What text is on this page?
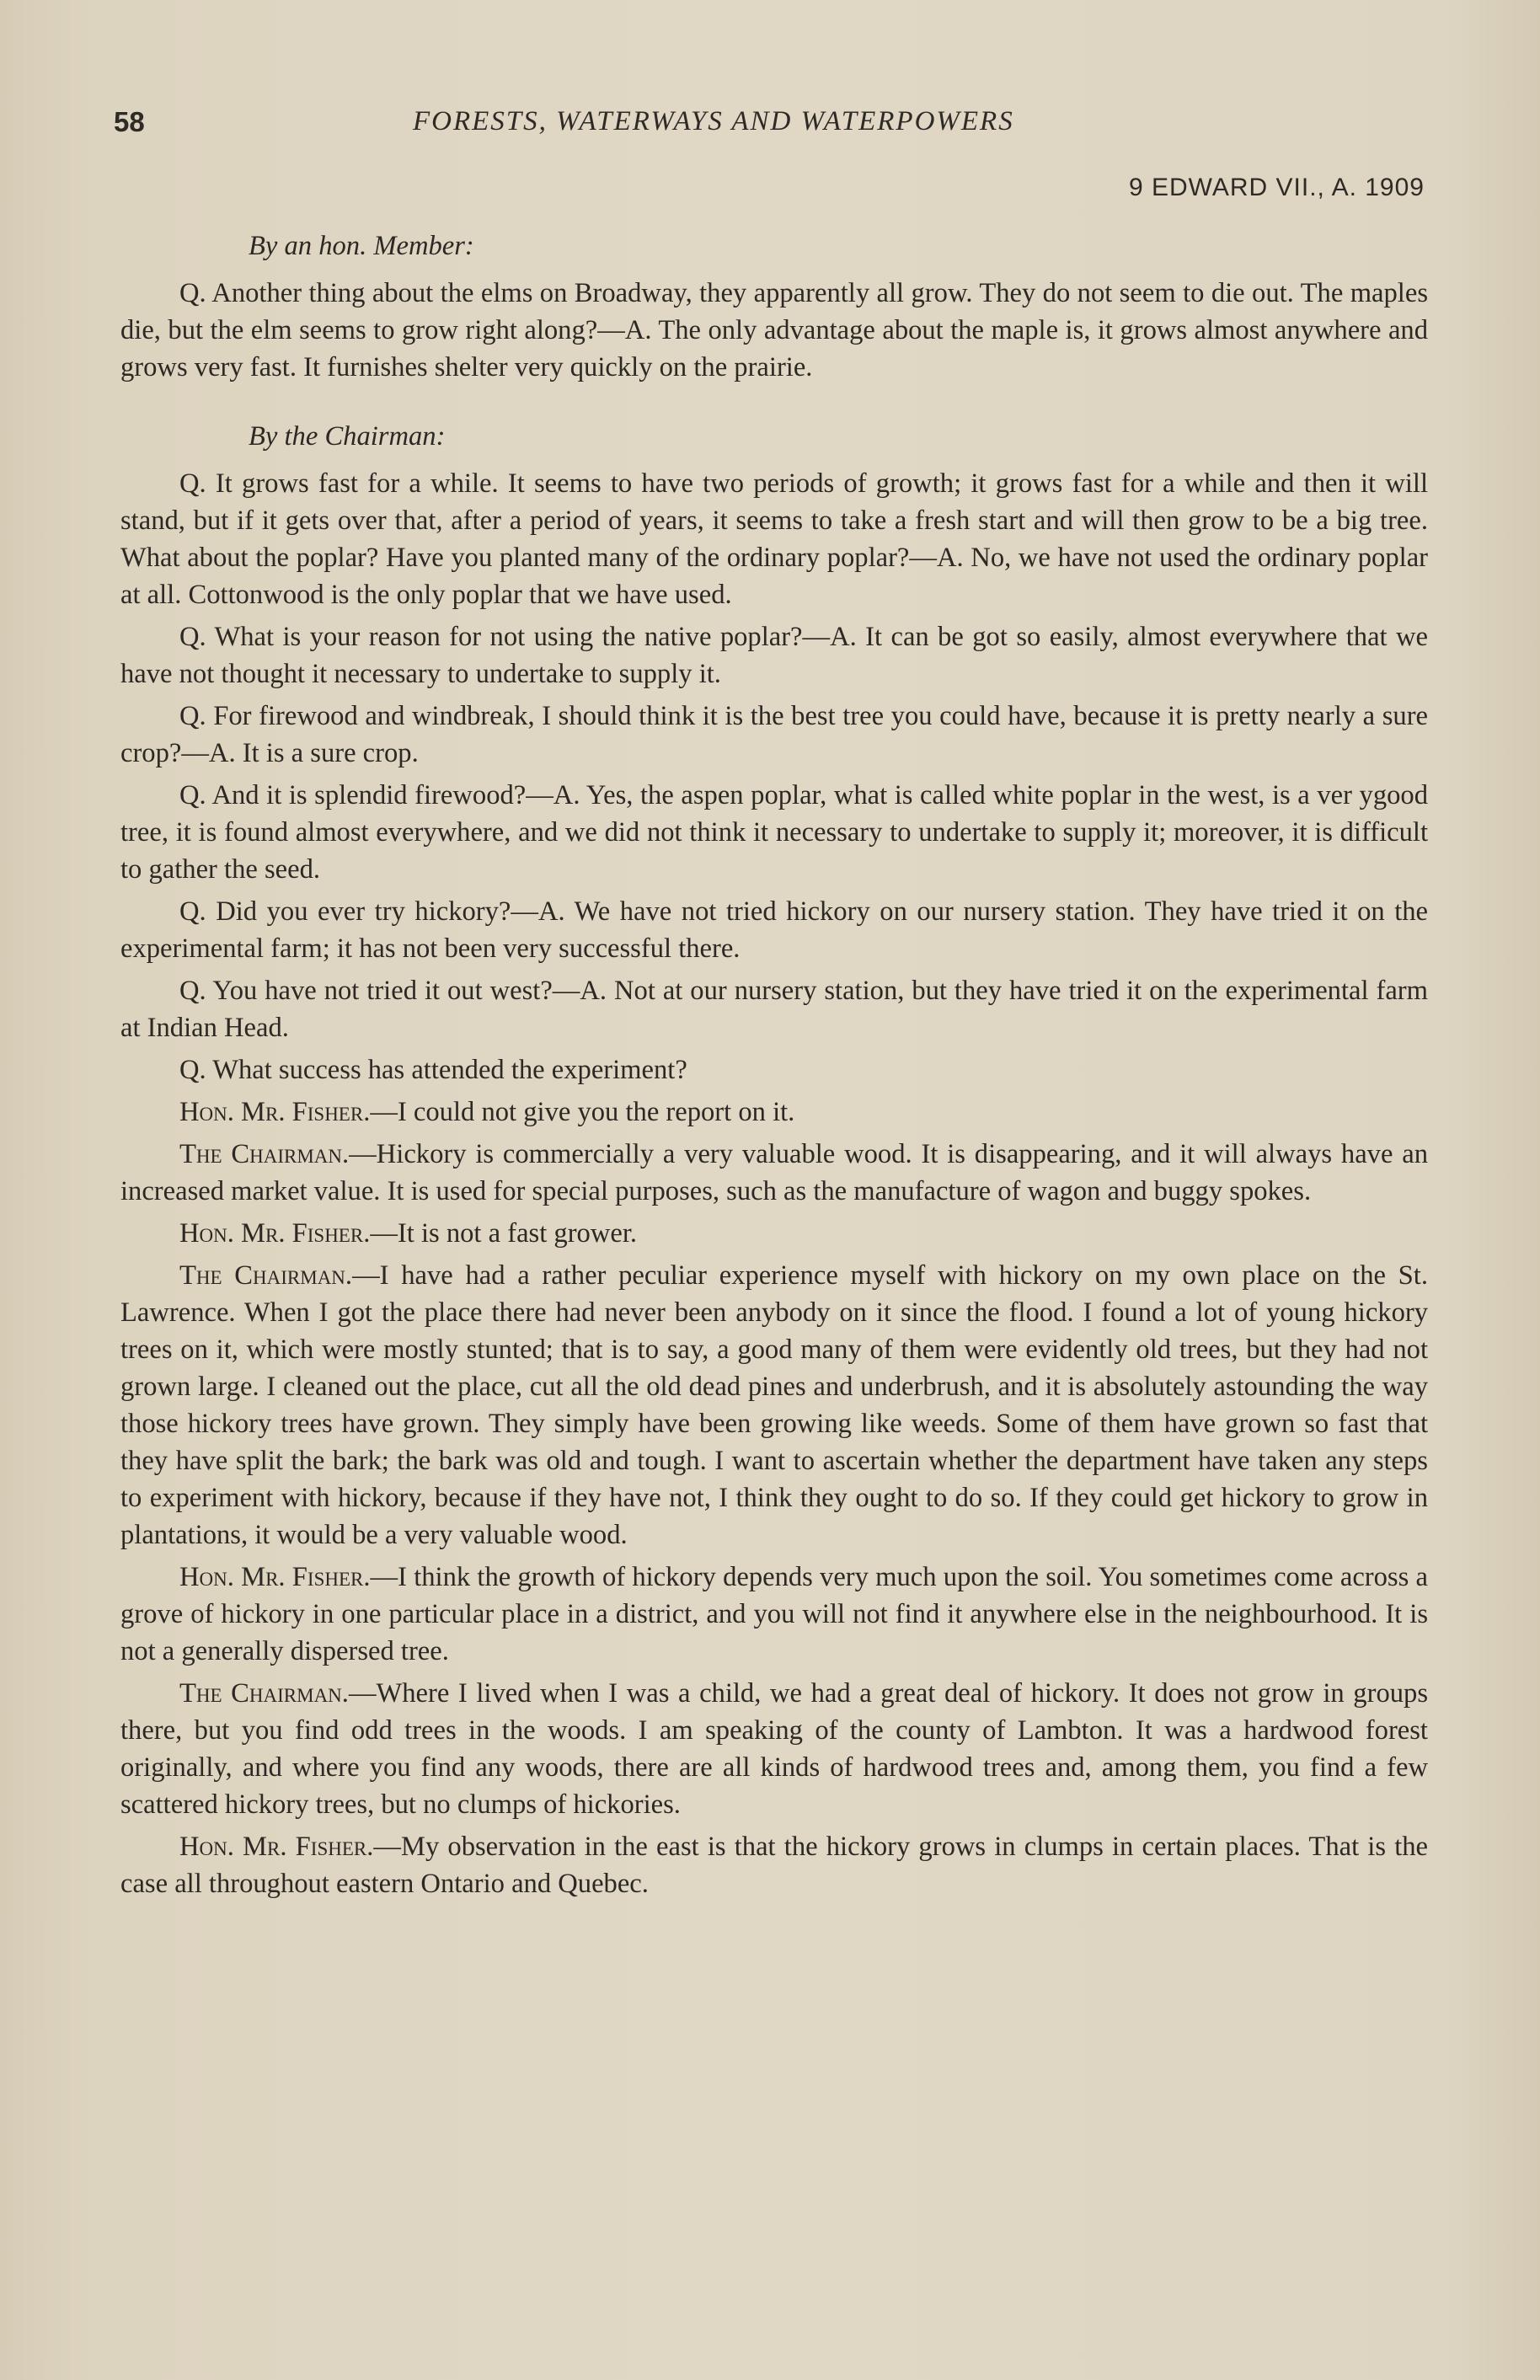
58	FORESTS, WATERWAYS AND WATERPOWERS
9 EDWARD VII., A. 1909
By an hon. Member:

Q. Another thing about the elms on Broadway, they apparently all grow. They do not seem to die out. The maples die, but the elm seems to grow right along?—A. The only advantage about the maple is, it grows almost anywhere and grows very fast. It furnishes shelter very quickly on the prairie.

By the Chairman:

Q. It grows fast for a while. It seems to have two periods of growth; it grows fast for a while and then it will stand, but if it gets over that, after a period of years, it seems to take a fresh start and will then grow to be a big tree. What about the poplar? Have you planted many of the ordinary poplar?—A. No, we have not used the ordinary poplar at all. Cottonwood is the only poplar that we have used.

Q. What is your reason for not using the native poplar?—A. It can be got so easily, almost everywhere that we have not thought it necessary to undertake to supply it.

Q. For firewood and windbreak, I should think it is the best tree you could have, because it is pretty nearly a sure crop?—A. It is a sure crop.

Q. And it is splendid firewood?—A. Yes, the aspen poplar, what is called white poplar in the west, is a ver ygood tree, it is found almost everywhere, and we did not think it necessary to undertake to supply it; moreover, it is difficult to gather the seed.

Q. Did you ever try hickory?—A. We have not tried hickory on our nursery station. They have tried it on the experimental farm; it has not been very successful there.

Q. You have not tried it out west?—A. Not at our nursery station, but they have tried it on the experimental farm at Indian Head.

Q. What success has attended the experiment?

Hon. Mr. Fisher.—I could not give you the report on it.

The Chairman.—Hickory is commercially a very valuable wood. It is disappearing, and it will always have an increased market value. It is used for special purposes, such as the manufacture of wagon and buggy spokes.

Hon. Mr. Fisher.—It is not a fast grower.

The Chairman.—I have had a rather peculiar experience myself with hickory on my own place on the St. Lawrence. When I got the place there had never been anybody on it since the flood. I found a lot of young hickory trees on it, which were mostly stunted; that is to say, a good many of them were evidently old trees, but they had not grown large. I cleaned out the place, cut all the old dead pines and underbrush, and it is absolutely astounding the way those hickory trees have grown. They simply have been growing like weeds. Some of them have grown so fast that they have split the bark; the bark was old and tough. I want to ascertain whether the department have taken any steps to experiment with hickory, because if they have not, I think they ought to do so. If they could get hickory to grow in plantations, it would be a very valuable wood.

Hon. Mr. Fisher.—I think the growth of hickory depends very much upon the soil. You sometimes come across a grove of hickory in one particular place in a district, and you will not find it anywhere else in the neighbourhood. It is not a generally dispersed tree.

The Chairman.—Where I lived when I was a child, we had a great deal of hickory. It does not grow in groups there, but you find odd trees in the woods. I am speaking of the county of Lambton. It was a hardwood forest originally, and where you find any woods, there are all kinds of hardwood trees and, among them, you find a few scattered hickory trees, but no clumps of hickories.

Hon. Mr. Fisher.—My observation in the east is that the hickory grows in clumps in certain places. That is the case all throughout eastern Ontario and Quebec.
